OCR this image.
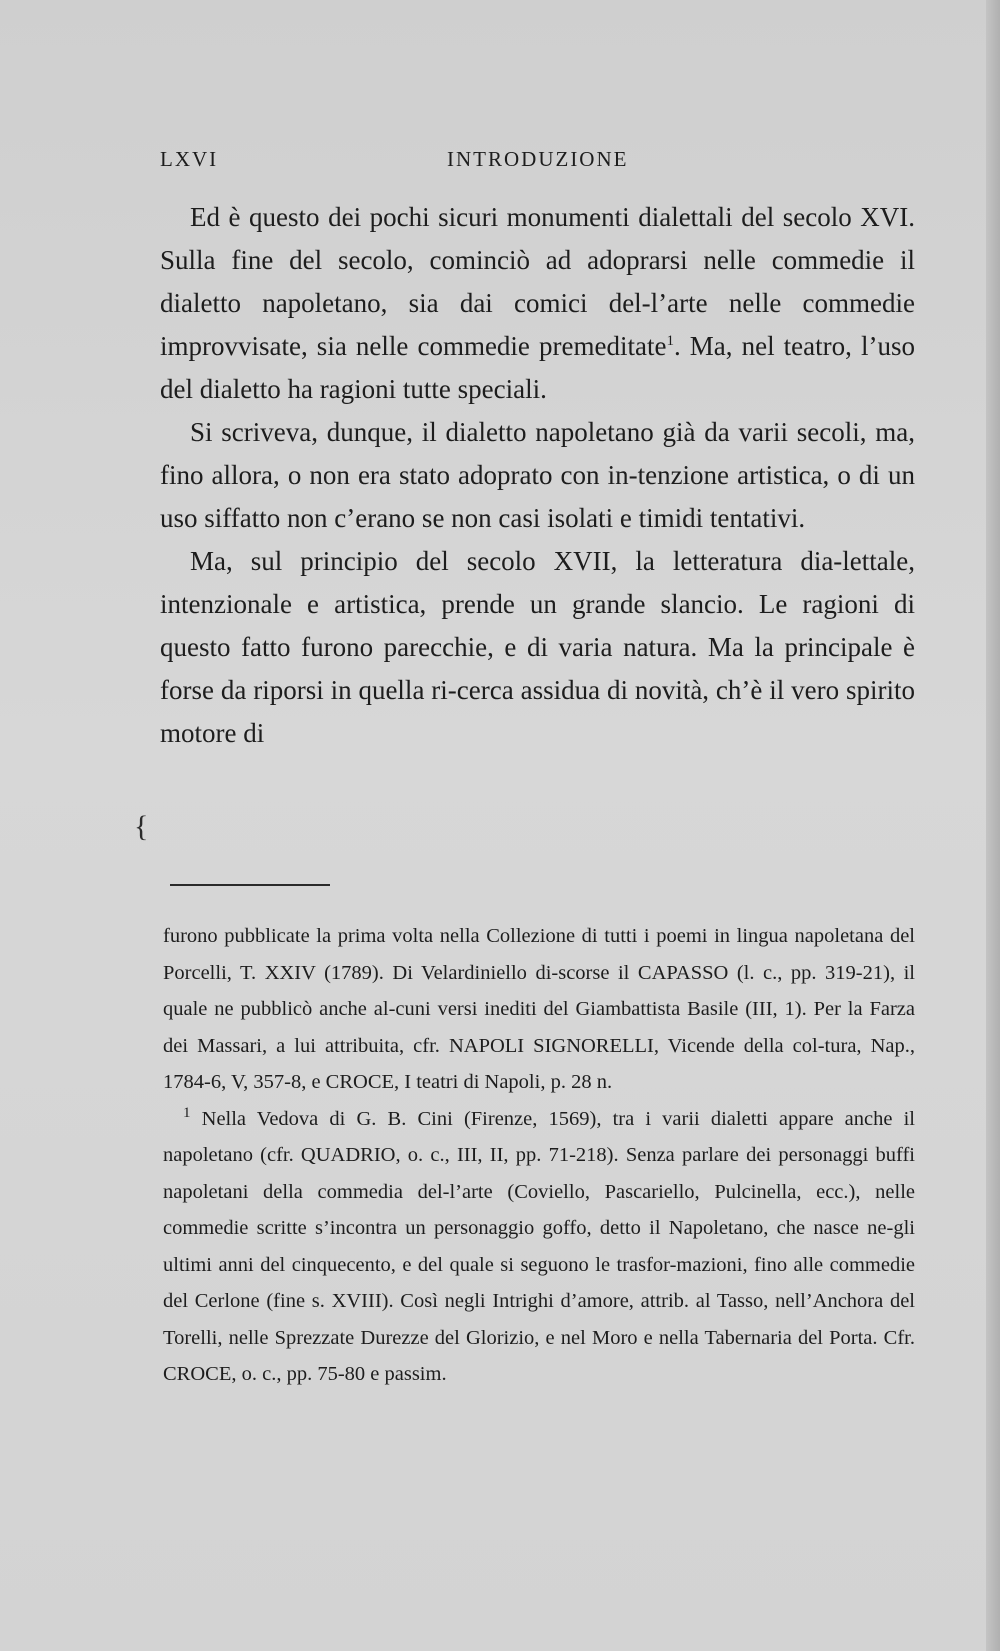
LXVI	INTRODUZIONE

Ed è questo dei pochi sicuri monumenti dialettali del secolo XVI. Sulla fine del secolo, cominciò ad adoprarsi nelle commedie il dialetto napoletano, sia dai comici del-l’arte nelle commedie improvvisate, sia nelle commedie premeditate$^1$. Ma, nel teatro, l’uso del dialetto ha ragioni tutte speciali.

Si scriveva, dunque, il dialetto napoletano già da varii secoli, ma, fino allora, o non era stato adoprato con in-tenzione artistica, o di un uso siffatto non c’erano se non casi isolati e timidi tentativi.

Ma, sul principio del secolo XVII, la letteratura dia-lettale, intenzionale e artistica, prende un grande slancio. Le ragioni di questo fatto furono parecchie, e di varia natura. Ma la principale è forse da riporsi in quella ri-cerca assidua di novità, ch’è il vero spirito motore di

{

furono pubblicate la prima volta nella Collezione di tutti i poemi in lingua napoletana del Porcelli, T. XXIV (1789). Di Velardiniello di-scorse il CAPASSO (l. c., pp. 319-21), il quale ne pubblicò anche al-cuni versi inediti del Giambattista Basile (III, 1). Per la Farza dei Massari, a lui attribuita, cfr. NAPOLI SIGNORELLI, Vicende della col-tura, Nap., 1784-6, V, 357-8, e CROCE, I teatri di Napoli, p. 28 n.

$^1$ Nella Vedova di G. B. Cini (Firenze, 1569), tra i varii dialetti appare anche il napoletano (cfr. QUADRIO, o. c., III, II, pp. 71-218). Senza parlare dei personaggi buffi napoletani della commedia del-l’arte (Coviello, Pascariello, Pulcinella, ecc.), nelle commedie scritte s’incontra un personaggio goffo, detto il Napoletano, che nasce ne-gli ultimi anni del cinquecento, e del quale si seguono le trasfor-mazioni, fino alle commedie del Cerlone (fine s. XVIII). Così negli Intrighi d’amore, attrib. al Tasso, nell’Anchora del Torelli, nelle Sprezzate Durezze del Glorizio, e nel Moro e nella Tabernaria del Porta. Cfr. CROCE, o. c., pp. 75-80 e passim.
